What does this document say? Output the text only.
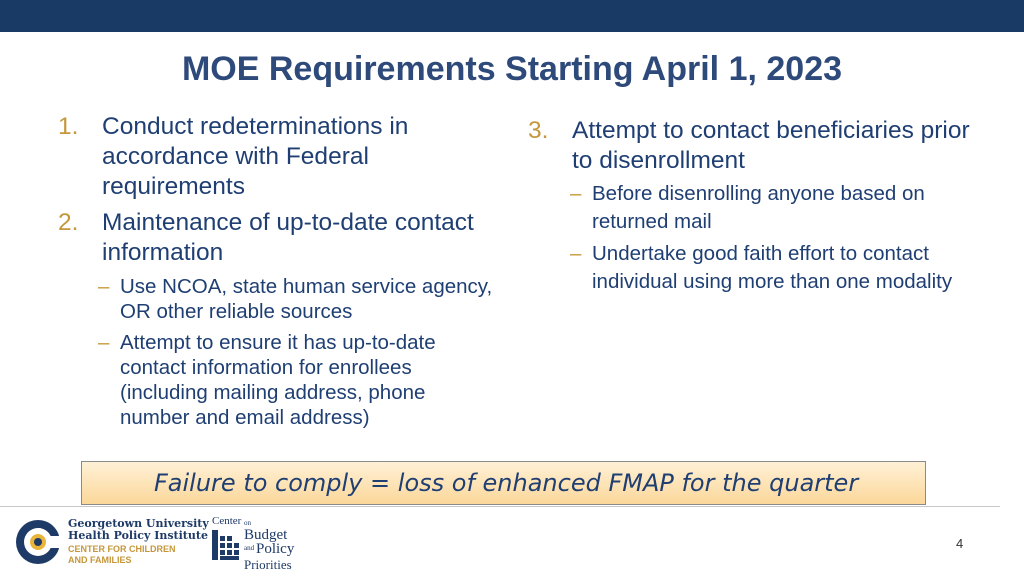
MOE Requirements Starting April 1, 2023
1. Conduct redeterminations in accordance with Federal requirements
2. Maintenance of up-to-date contact information
– Use NCOA, state human service agency, OR other reliable sources
– Attempt to ensure it has up-to-date contact information for enrollees (including mailing address, phone number and email address)
3. Attempt to contact beneficiaries prior to disenrollment
– Before disenrolling anyone based on returned mail
– Undertake good faith effort to contact individual using more than one modality
Failure to comply = loss of enhanced FMAP for the quarter
Georgetown University
Health Policy Institute
CENTER FOR CHILDREN
AND FAMILIES
Center on
Budget
and Policy
Priorities
4
